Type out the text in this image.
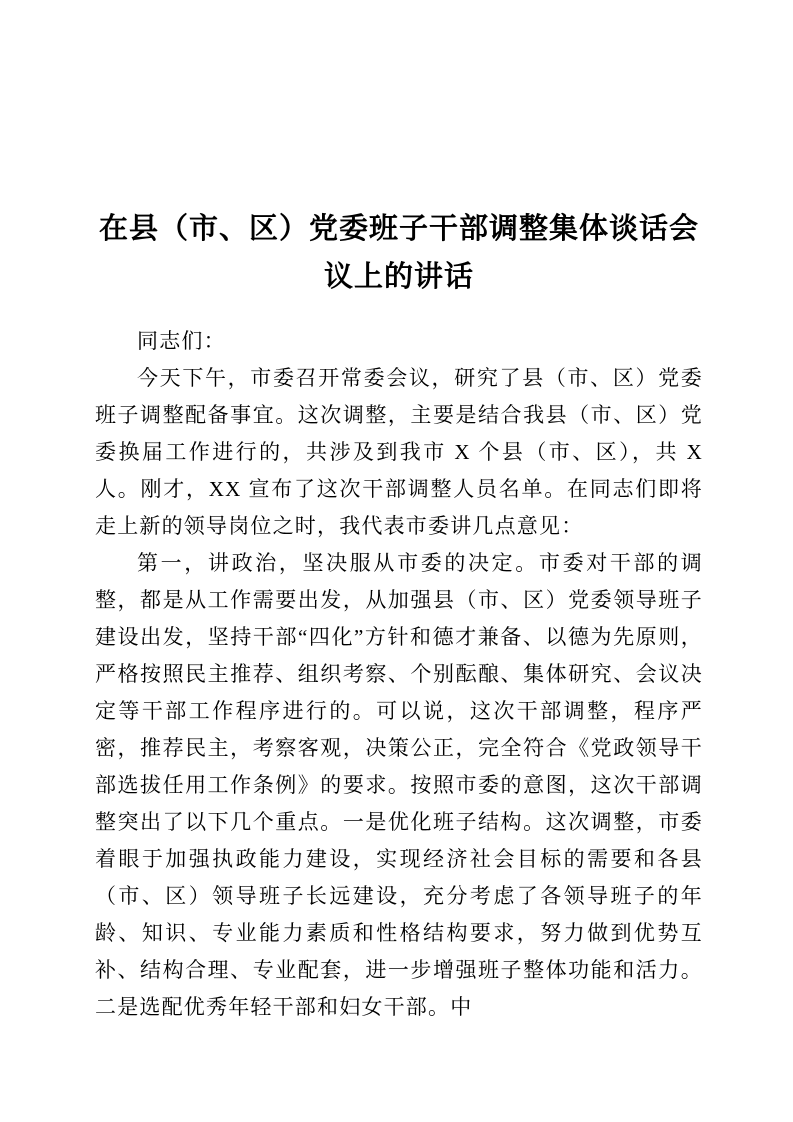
在县（市、区）党委班子干部调整集体谈话会议上的讲话

同志们：

今天下午，市委召开常委会议，研究了县（市、区）党委班子调整配备事宜。这次调整，主要是结合我县（市、区）党委换届工作进行的，共涉及到我市 X 个县（市、区），共 X 人。刚才，XX 宣布了这次干部调整人员名单。在同志们即将走上新的领导岗位之时，我代表市委讲几点意见：

第一，讲政治，坚决服从市委的决定。市委对干部的调整，都是从工作需要出发，从加强县（市、区）党委领导班子建设出发，坚持干部“四化”方针和德才兼备、以德为先原则，严格按照民主推荐、组织考察、个别酝酿、集体研究、会议决定等干部工作程序进行的。可以说，这次干部调整，程序严密，推荐民主，考察客观，决策公正，完全符合《党政领导干部选拔任用工作条例》的要求。按照市委的意图，这次干部调整突出了以下几个重点。一是优化班子结构。这次调整，市委着眼于加强执政能力建设，实现经济社会目标的需要和各县（市、区）领导班子长远建设，充分考虑了各领导班子的年龄、知识、专业能力素质和性格结构要求，努力做到优势互补、结构合理、专业配套，进一步增强班子整体功能和活力。二是选配优秀年轻干部和妇女干部。中
